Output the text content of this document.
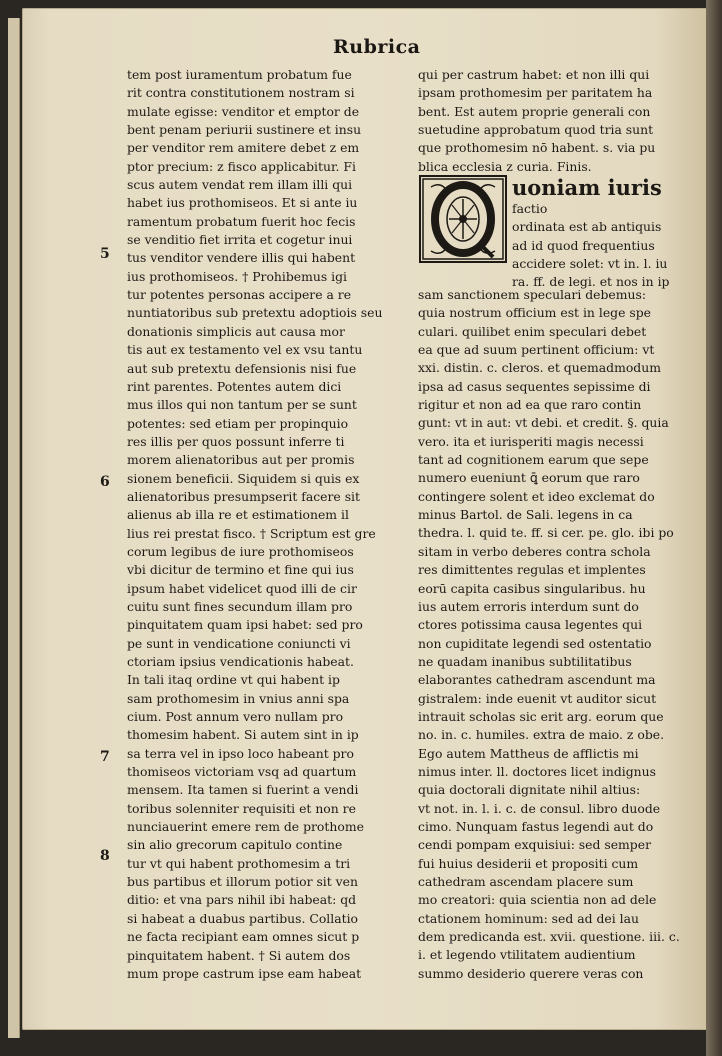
Rubrica
tem post iuramentum probatum fue
rit contra constitutionem nostram si
mulate egisse: venditor et emptor de
bent penam periurii sustinere et insu
per venditor rem amitere debet z em
ptor precium: z fisco applicabitur. Fi
scus autem vendat rem illam illi qui
habet ius prothomiseos. Et si ante iu
ramentum probatum fuerit hoc fecis
se venditio fiet irrita et cogetur inui
tus venditor vendere illis qui habent
ius prothomiseos. † Prohibemus igi
tur potentes personas accipere a re
nuntiatoribus sub pretextu adoptiois seu
donationis simplicis aut causa mor
tis aut ex testamento vel ex vsu tantu
aut sub pretextu defensionis nisi fue
rint parentes. Potentes autem dici
mus illos qui non tantum per se sunt
potentes: sed etiam per propinquio
res illis per quos possunt inferre ti
morem alienatoribus aut per promis
sionem beneficii. Siquidem si quis ex
alienatoribus presumpserit facere sit
alienus ab illa re et estimationem il
lius rei prestat fisco. † Scriptum est gre
corum legibus de iure prothomiseos
vbi dicitur de termino et fine qui ius
ipsum habet videlicet quod illi de cir
cuitu sunt fines secundum illam pro
pinquitatem quam ipsi habet: sed pro
pe sunt in vendicatione coniuncti vi
ctoriam ipsius vendicationis habeat.
In tali itaq ordine vt qui habent ip
sam prothomesim in vnius anni spa
cium. Post annum vero nullam pro
thomesim habent. Si autem sint in ip
sa terra vel in ipso loco habeant pro
thomiseos victoriam vsq ad quartum
mensem. Ita tamen si fuerint a vendi
toribus solenniter requisiti et non re
nunciauerint emere rem de prothome
sin alio grecorum capitulo contine
tur vt qui habent prothomesim a tri
bus partibus et illorum potior sit ven
ditio: et vna pars nihil ibi habeat: qd
si habeat a duabus partibus. Collatio
ne facta recipiant eam omnes sicut p
pinquitatem habent. † Si autem dos
mum prope castrum ipse eam habeat
5
6
7
8
qui per castrum habet: et non illi qui
ipsam prothomesim per paritatem ha
bent. Est autem proprie generali con
suetudine approbatum quod tria sunt
que prothomesim nō habent. s. via pu
blica ecclesia z curia. Finis.
uoniam iuris
factio
ordinata est ab antiquis
ad id quod frequentius
accidere solet: vt in. l. iu
ra. ff. de legi. et nos in ip
sam sanctionem speculari debemus:
quia nostrum officium est in lege spe
culari. quilibet enim speculari debet
ea que ad suum pertinent officium: vt
xxi. distin. c. cleros. et quemadmodum
ipsa ad casus sequentes sepissime di
rigitur et non ad ea que raro contin
gunt: vt in aut: vt debi. et credit. §. quia
vero. ita et iurisperiti magis necessi
tant ad cognitionem earum que sepe
numero eueniunt ꝗ̄ eorum que raro
contingere solent et ideo exclemat do
minus Bartol. de Sali. legens in ca
thedra. l. quid te. ff. si cer. pe. glo. ibi po
sitam in verbo deberes contra schola
res dimittentes regulas et implentes
eorū capita casibus singularibus. hu
ius autem erroris interdum sunt do
ctores potissima causa legentes qui
non cupiditate legendi sed ostentatio
ne quadam inanibus subtilitatibus
elaborantes cathedram ascendunt ma
gistralem: inde euenit vt auditor sicut
intrauit scholas sic erit arg. eorum que
no. in. c. humiles. extra de maio. z obe.
Ego autem Mattheus de afflictis mi
nimus inter. ll. doctores licet indignus
quia doctorali dignitate nihil altius:
vt not. in. l. i. c. de consul. libro duode
cimo. Nunquam fastus legendi aut do
cendi pompam exquisiui: sed semper
fui huius desiderii et propositi cum
cathedram ascendam placere sum
mo creatori: quia scientia non ad dele
ctationem hominum: sed ad dei lau
dem predicanda est. xvii. questione. iii. c.
i. et legendo vtilitatem audientium
summo desiderio querere veras con
